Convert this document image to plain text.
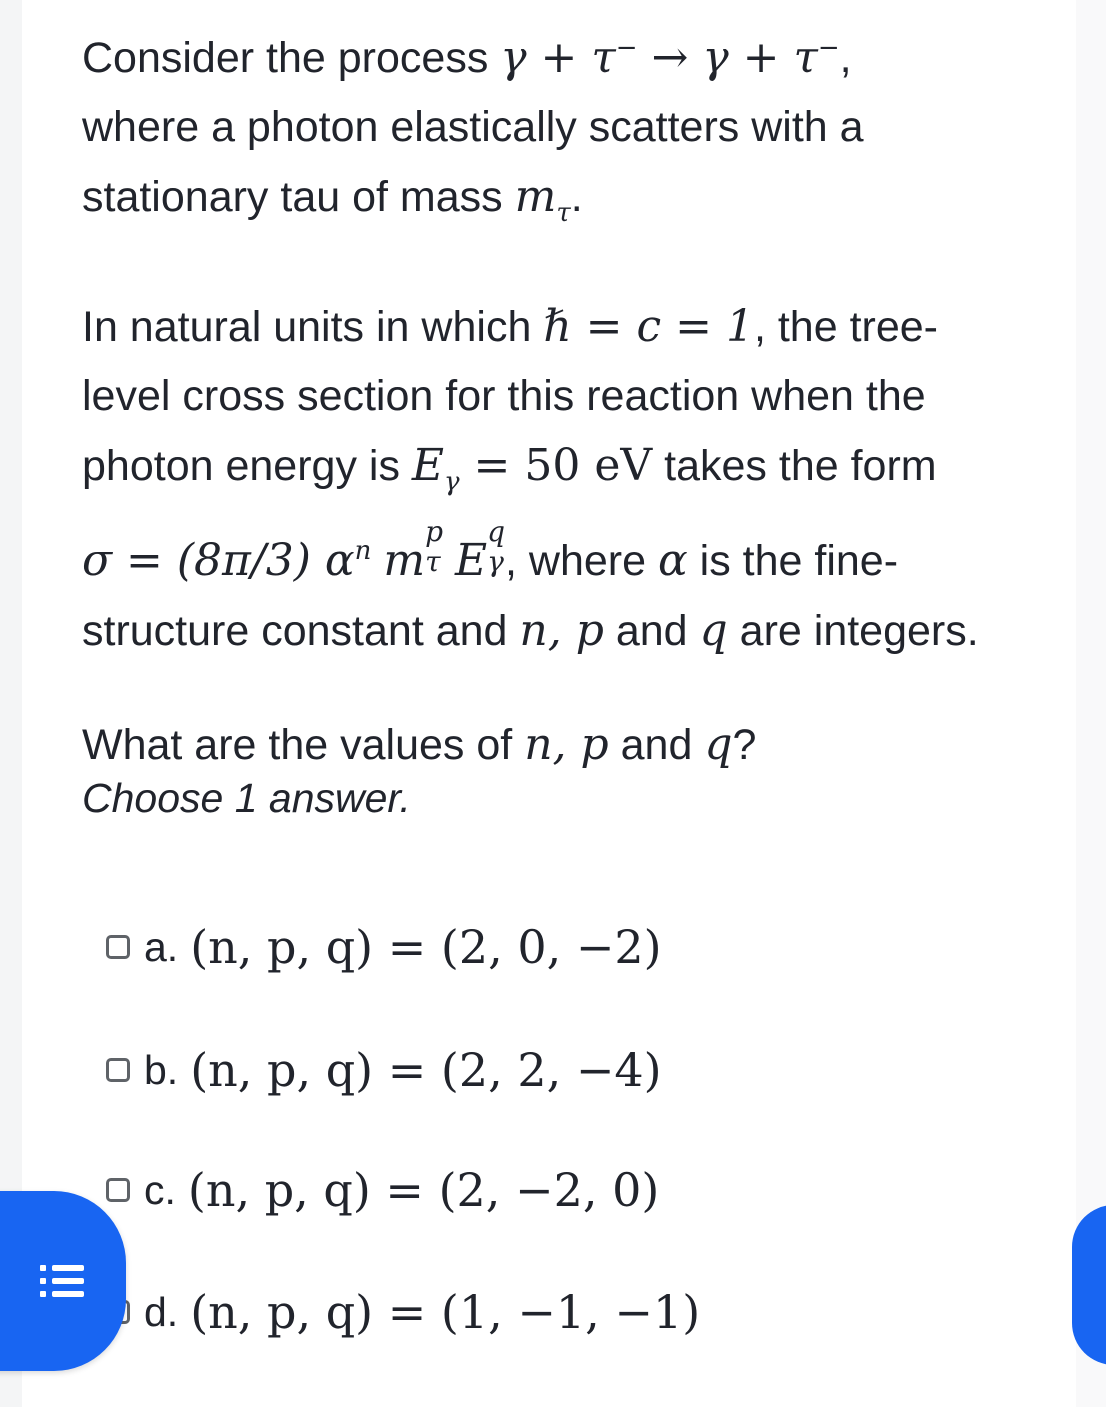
Consider the process γ + τ− → γ + τ−,

where a photon elastically scatters with a

stationary tau of mass $m_\tau$.

In natural units in which ℏ = c = 1, the tree-

level cross section for this reaction when the

photon energy is $E_\gamma = 50$ eV takes the form

σ = (8π/3) $\alpha^n$ m
p
τ E
q
γ , where α is the fine-

structure constant and n, p and q are integers.

What are the values of n, p and q?

Choose 1 answer.
a. (n, p, q) = (2, 0, −2)
b. (n, p, q) = (2, 2, −4)
c. (n, p, q) = (2, −2, 0)
d. (n, p, q) = (1, −1, −1)
